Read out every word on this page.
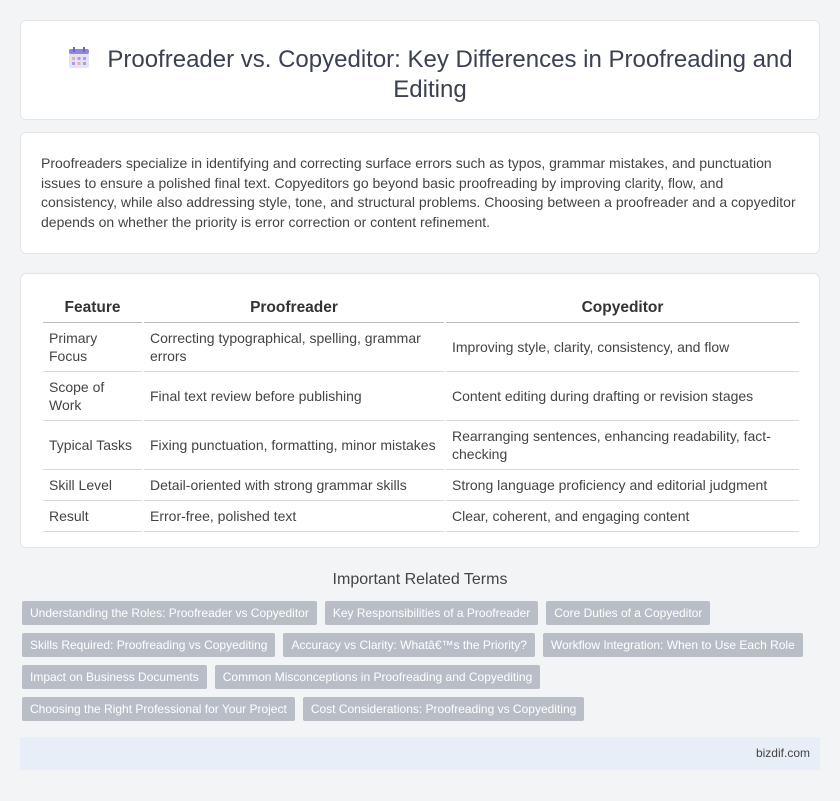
Proofreader vs. Copyeditor: Key Differences in Proofreading and Editing

Proofreaders specialize in identifying and correcting surface errors such as typos, grammar mistakes, and punctuation issues to ensure a polished final text. Copyeditors go beyond basic proofreading by improving clarity, flow, and consistency, while also addressing style, tone, and structural problems. Choosing between a proofreader and a copyeditor depends on whether the priority is error correction or content refinement.

Feature	Proofreader	Copyeditor
Primary Focus	Correcting typographical, spelling, grammar errors	Improving style, clarity, consistency, and flow
Scope of Work	Final text review before publishing	Content editing during drafting or revision stages
Typical Tasks	Fixing punctuation, formatting, minor mistakes	Rearranging sentences, enhancing readability, fact-checking
Skill Level	Detail-oriented with strong grammar skills	Strong language proficiency and editorial judgment
Result	Error-free, polished text	Clear, coherent, and engaging content
Important Related Terms
Understanding the Roles: Proofreader vs Copyeditor	Key Responsibilities of a Proofreader	Core Duties of a Copyeditor
Skills Required: Proofreading vs Copyediting	Accuracy vs Clarity: Whatâ€™s the Priority?	Workflow Integration: When to Use Each Role
Impact on Business Documents	Common Misconceptions in Proofreading and Copyediting
Choosing the Right Professional for Your Project	Cost Considerations: Proofreading vs Copyediting
bizdif.com
